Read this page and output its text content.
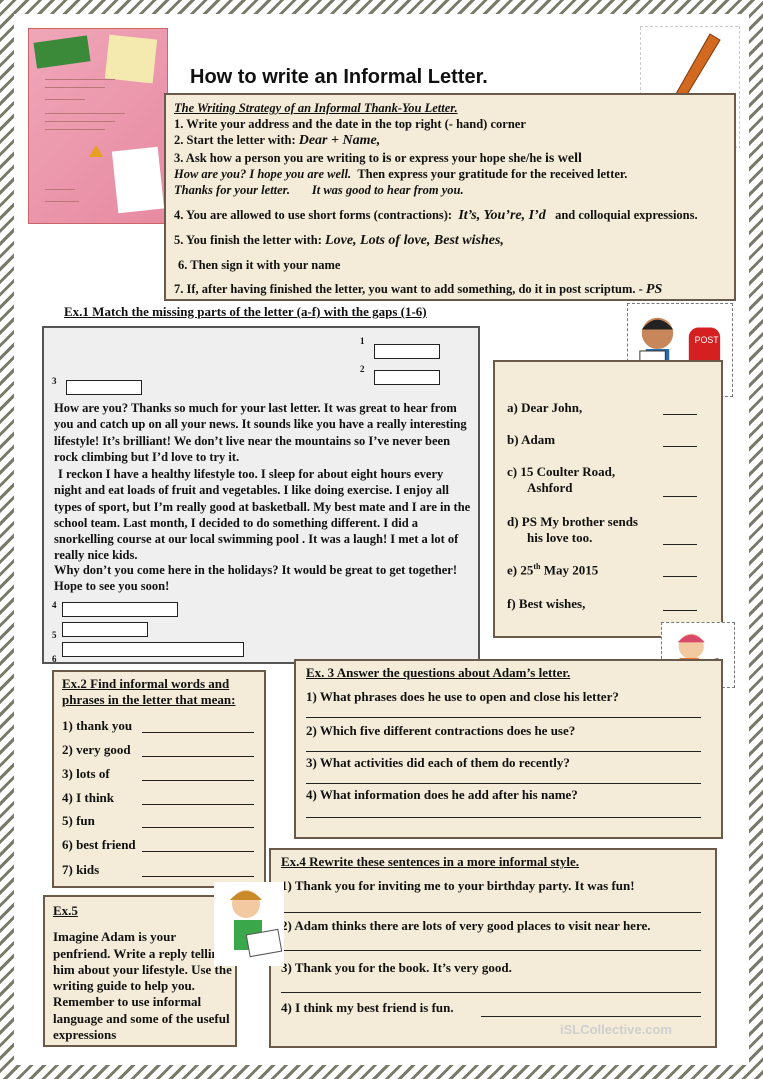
How to write an Informal Letter.
The Writing Strategy of an Informal Thank-You Letter.
1. Write your address and the date in the top right (- hand) corner
2. Start the letter with: Dear + Name,
3. Ask how a person you are writing to is or express your hope she/he is well
How are you? I hope you are well. Then express your gratitude for the received letter.
Thanks for your letter. It was good to hear from you.
4. You are allowed to use short forms (contractions): It’s, You’re, I’d and colloquial expressions.
5. You finish the letter with: Love, Lots of love, Best wishes,
6. Then sign it with your name
7. If, after having finished the letter, you want to add something, do it in post scriptum. - PS
Ex.1 Match the missing parts of the letter (a-f) with the gaps (1-6)
1
2
3

How are you? Thanks so much for your last letter. It was great to hear from you and catch up on all your news. It sounds like you have a really interesting lifestyle! It’s brilliant! We don’t live near the mountains so I’ve never been rock climbing but I’d love to try it.

I reckon I have a healthy lifestyle too. I sleep for about eight hours every night and eat loads of fruit and vegetables. I like doing exercise. I enjoy all types of sport, but I’m really good at basketball. My best mate and I are in the school team. Last month, I decided to do something different. I did a snorkelling course at our local swimming pool . It was a laugh! I met a lot of really nice kids.

Why don’t you come here in the holidays? It would be great to get together! Hope to see you soon!

4
5
6
POST
a) Dear John,
b) Adam
c) 15 Coulter Road,
Ashford
d) PS My brother sends
his love too.
e) 25th May 2015
f) Best wishes,
Ex.2 Find informal words and phrases in the letter that mean:
1) thank you
2) very good
3) lots of
4) I think
5) fun
6) best friend
7) kids
Ex. 3 Answer the questions about Adam’s letter.
1) What phrases does he use to open and close his letter?
2) Which five different contractions does he use?
3) What activities did each of them do recently?
4) What information does he add after his name?
Ex.4 Rewrite these sentences in a more informal style.
1) Thank you for inviting me to your birthday party. It was fun!
2) Adam thinks there are lots of very good places to visit near here.
3) Thank you for the book. It’s very good.
4) I think my best friend is fun.
Ex.5
Imagine Adam is your penfriend. Write a reply telling him about your lifestyle. Use the writing guide to help you. Remember to use informal language and some of the useful expressions	iSLCollective.com
